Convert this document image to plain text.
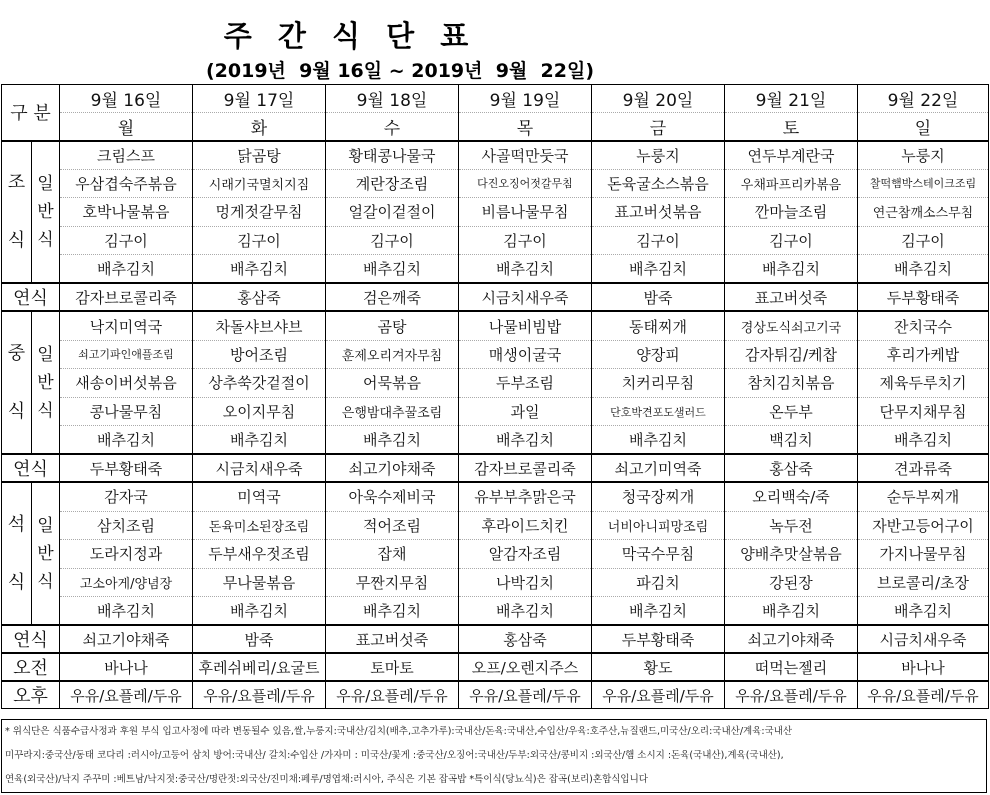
주 간 식 단 표
(2019년  9월 16일 ~ 2019년  9월  22일)
구 분		9월 16일	9월 17일	9월 18일	9월 19일	9월 20일	9월 21일	9월 22일
		월	화	수	목	금	토	일

조
식	일반식	크림스프	닭곰탕	황태콩나물국	사골떡만둣국	누룽지	연두부계란국	누룽지
		우삼겹숙주볶음	시래기국멸치지짐	계란장조림	다진오징어젓갈무침	돈육굴소스볶음	우채파프리카볶음	찰떡햄박스테이크조림
		호박나물볶음	멍게젓갈무침	얼갈이겉절이	비름나물무침	표고버섯볶음	깐마늘조림	연근참깨소스무침
		김구이	김구이	김구이	김구이	김구이	김구이	김구이
		배추김치	배추김치	배추김치	배추김치	배추김치	배추김치	배추김치
연식		감자브로콜리죽	홍삼죽	검은깨죽	시금치새우죽	밤죽	표고버섯죽	두부황태죽

중
식	일반식	낙지미역국	차돌샤브샤브	곰탕	나물비빔밥	동태찌개	경상도식쇠고기국	잔치국수
		쇠고기파인애플조림	방어조림	훈제오리겨자무침	매생이굴국	양장피	감자튀김/케찹	후리가케밥
		새송이버섯볶음	상추쑥갓겉절이	어묵볶음	두부조림	치커리무침	참치김치볶음	제육두루치기
		콩나물무침	오이지무침	은행밤대추꿀조림	과일	단호박견포도샐러드	온두부	단무지채무침
		배추김치	배추김치	배추김치	배추김치	배추김치	백김치	배추김치
연식		두부황태죽	시금치새우죽	쇠고기야채죽	감자브로콜리죽	쇠고기미역죽	홍삼죽	견과류죽

석
식	일반식	감자국	미역국	아욱수제비국	유부부추맑은국	청국장찌개	오리백숙/죽	순두부찌개
		삼치조림	돈육미소된장조림	적어조림	후라이드치킨	너비아니피망조림	녹두전	자반고등어구이
		도라지정과	두부새우젓조림	잡채	알감자조림	막국수무침	양배추맛살볶음	가지나물무침
		고소아게/양념장	무나물볶음	무짠지무침	나박김치	파김치	강된장	브로콜리/초장
		배추김치	배추김치	배추김치	배추김치	배추김치	배추김치	배추김치
연식		쇠고기야채죽	밤죽	표고버섯죽	홍삼죽	두부황태죽	쇠고기야채죽	시금치새우죽
오전		바나나	후레쉬베리/요굴트	토마토	오프/오렌지주스	황도	떠먹는젤리	바나나
오후		우유/요플레/두유	우유/요플레/두유	우유/요플레/두유	우유/요플레/두유	우유/요플레/두유	우유/요플레/두유	우유/요플레/두유
* 위식단은 식품수급사정과 후원 부식 입고사정에 따라 변동될수 있음,쌀,누룽지:국내산/김치(배추,고추가루):국내산/돈육:국내산,수입산/우육:호주산,뉴질랜드,미국산/오리:국내산/계육:국내산
미꾸라지:중국산/동태 코다리 :러시아/고등어 삼치 방어:국내산/ 갈치:수입산 /가자미 : 미국산/꽃게 :중국산/오징어:국내산/두부:외국산/콩비지 :외국산/햄 소시지 :돈육(국내산),계육(국내산),
연육(외국산)/낙지 주꾸미 :베트남/낙지젓:중국산/명란젓:외국산/진미채:페루/명엽채:러시아, 주식은 기본 잡곡밥 *특이식(당뇨식)은 잡곡(보리)혼합식입니다
